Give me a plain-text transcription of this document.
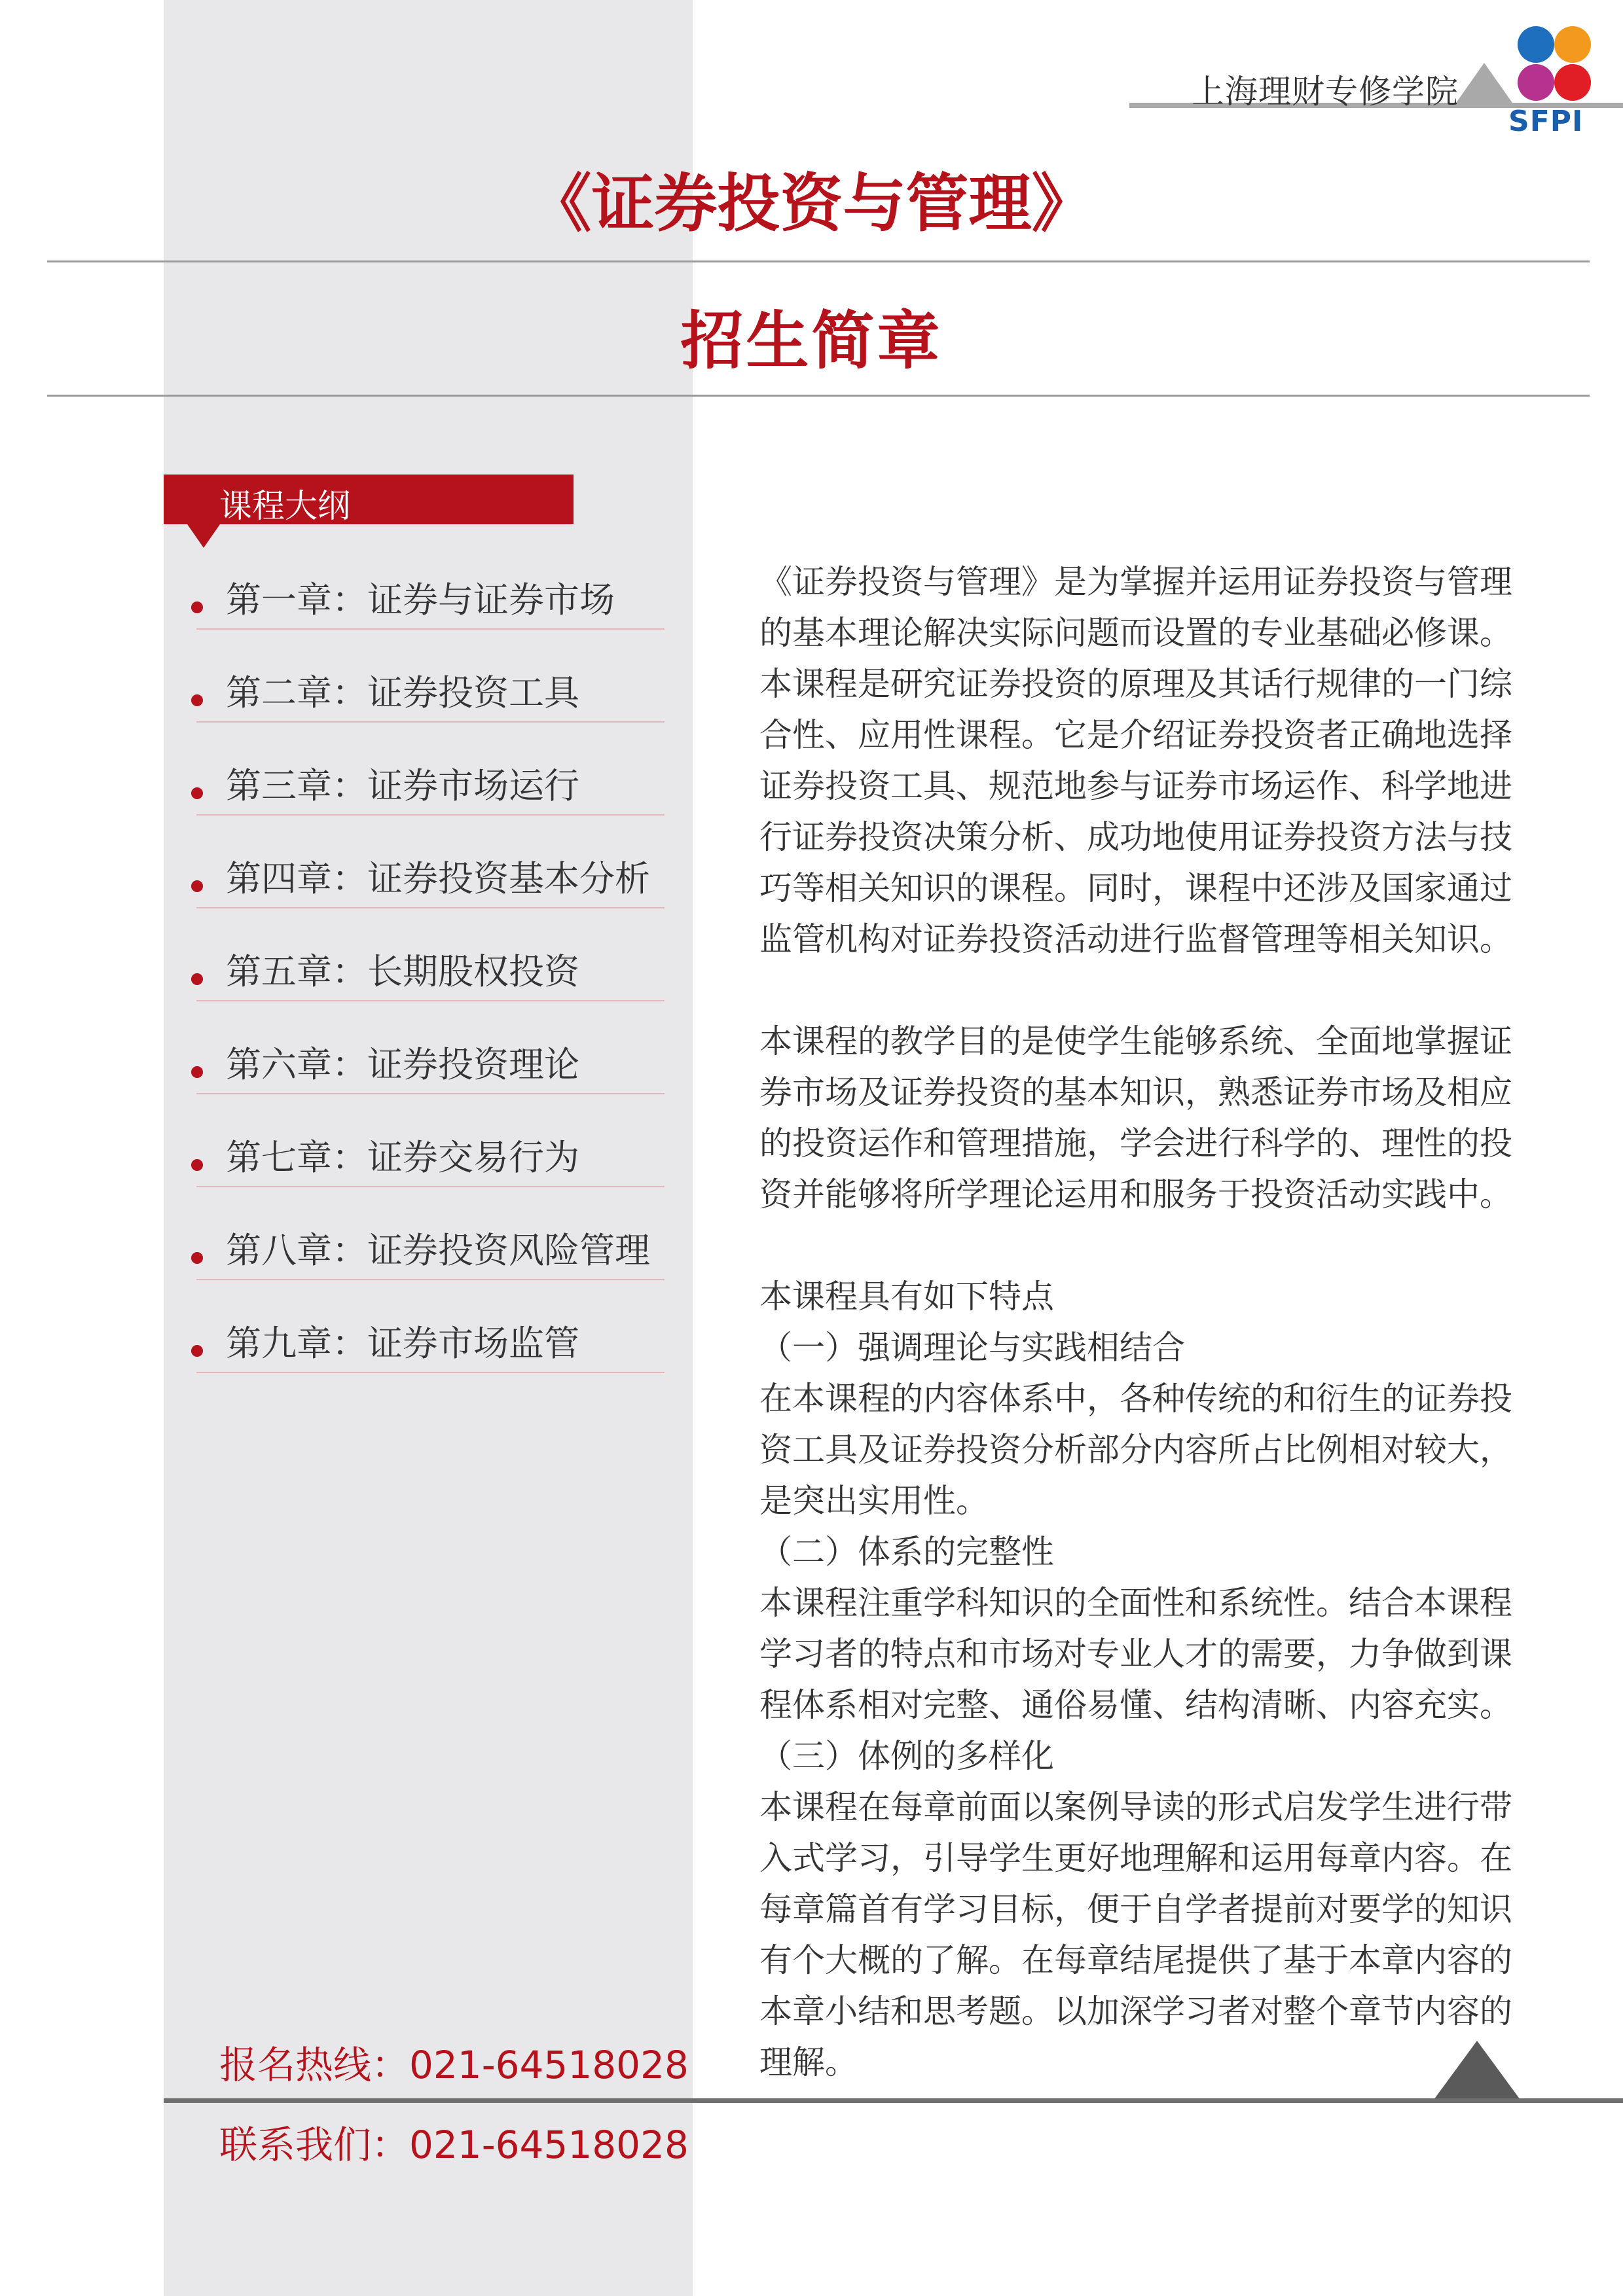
上海理财专修学院
SFPI
《证券投资与管理》
招生简章
课程大纲
第一章：证券与证券市场
第二章：证券投资工具
第三章：证券市场运行
第四章：证券投资基本分析
第五章：长期股权投资
第六章：证券投资理论
第七章：证券交易行为
第八章：证券投资风险管理
第九章：证券市场监管

《证券投资与管理》是为掌握并运用证券投资与管理的基本理论解决实际问题而设置的专业基础必修课。本课程是研究证券投资的原理及其话行规律的一门综合性、应用性课程。它是介绍证券投资者正确地选择证券投资工具、规范地参与证券市场运作、科学地进行证券投资决策分析、成功地使用证券投资方法与技巧等相关知识的课程。同时，课程中还涉及国家通过监管机构对证券投资活动进行监督管理等相关知识。

本课程的教学目的是使学生能够系统、全面地掌握证券市场及证券投资的基本知识，熟悉证券市场及相应的投资运作和管理措施，学会进行科学的、理性的投资并能够将所学理论运用和服务于投资活动实践中。

本课程具有如下特点

（一）强调理论与实践相结合

在本课程的内容体系中，各种传统的和衍生的证券投资工具及证券投资分析部分内容所占比例相对较大，是突出实用性。

（二）体系的完整性

本课程注重学科知识的全面性和系统性。结合本课程学习者的特点和市场对专业人才的需要，力争做到课程体系相对完整、通俗易懂、结构清晰、内容充实。

（三）体例的多样化

本课程在每章前面以案例导读的形式启发学生进行带入式学习，引导学生更好地理解和运用每章内容。在每章篇首有学习目标，便于自学者提前对要学的知识有个大概的了解。在每章结尾提供了基于本章内容的本章小结和思考题。以加深学习者对整个章节内容的理解。

报名热线：021-64518028
联系我们：021-64518028
